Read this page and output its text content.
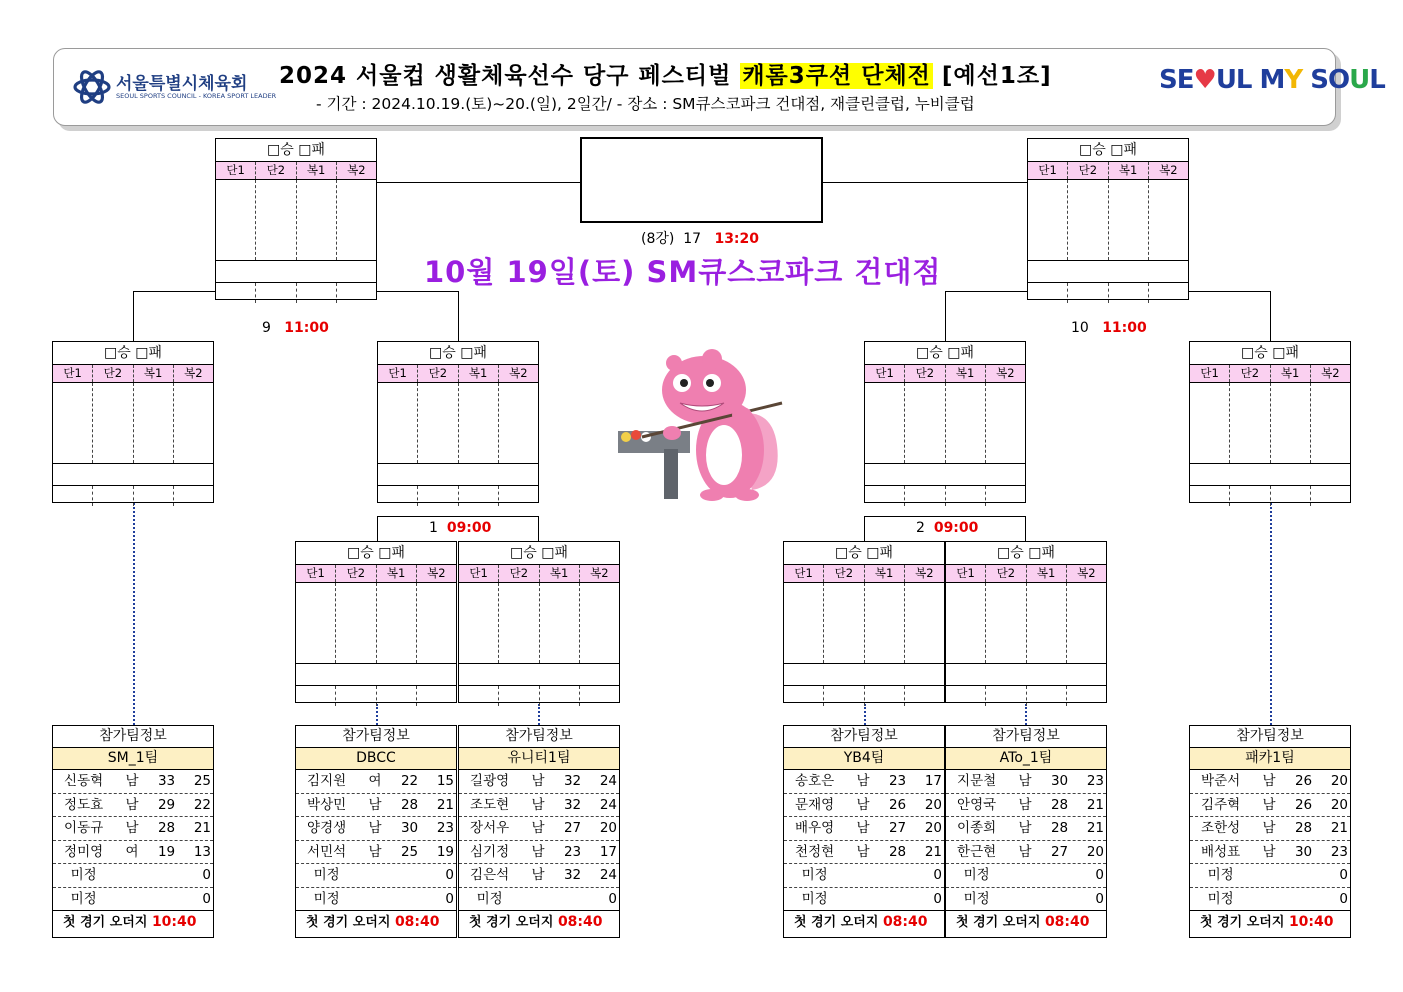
서울특별시체육회
SEOUL SPORTS COUNCIL - KOREA SPORT LEADER
2024 서울컵 생활체육선수 당구 페스티벌 캐롬3쿠션 단체전 [예선1조]
- 기간 : 2024.10.19.(토)~20.(일), 2일간/ - 장소 : SM큐스코파크 건대점, 재클린클럽, 누비클럽
SE♥UL MY SOUL
(8강) 17 13:20
10월 19일(토) SM큐스코파크 건대점
9 11:00	10 11:00
1 09:00	2 09:00
□승 □패
단1	단2	복1	복2
□승 □패
단1	단2	복1	복2
□승 □패
단1	단2	복1	복2
□승 □패
단1	단2	복1	복2
□승 □패
단1	단2	복1	복2
□승 □패
단1	단2	복1	복2
□승 □패
단1	단2	복1	복2
□승 □패
단1	단2	복1	복2
□승 □패
단1	단2	복1	복2
□승 □패
단1	단2	복1	복2
참가팀정보
SM_1팀
신동혁	남	33	25
정도효	남	29	22
이동규	남	28	21
정미영	여	19	13
미정	0
미정	0
첫 경기 오더지 10:40
참가팀정보
DBCC
김지원	여	22	15
박상민	남	28	21
양경생	남	30	23
서민석	남	25	19
미정	0
미정	0
첫 경기 오더지 08:40
참가팀정보
유니티1팀
길광영	남	32	24
조도현	남	32	24
장서우	남	27	20
심기정	남	23	17
김은석	남	32	24
미정	0
첫 경기 오더지 08:40
참가팀정보
YB4팀
송호은	남	23	17
문재영	남	26	20
배우영	남	27	20
천정현	남	28	21
미정	0
미정	0
첫 경기 오더지 08:40
참가팀정보
ATo_1팀
지문철	남	30	23
안영국	남	28	21
이종희	남	28	21
한근현	남	27	20
미정	0
미정	0
첫 경기 오더지 08:40
참가팀정보
패카1팀
박준서	남	26	20
김주혁	남	26	20
조한성	남	28	21
배성표	남	30	23
미정	0
미정	0
첫 경기 오더지 10:40
